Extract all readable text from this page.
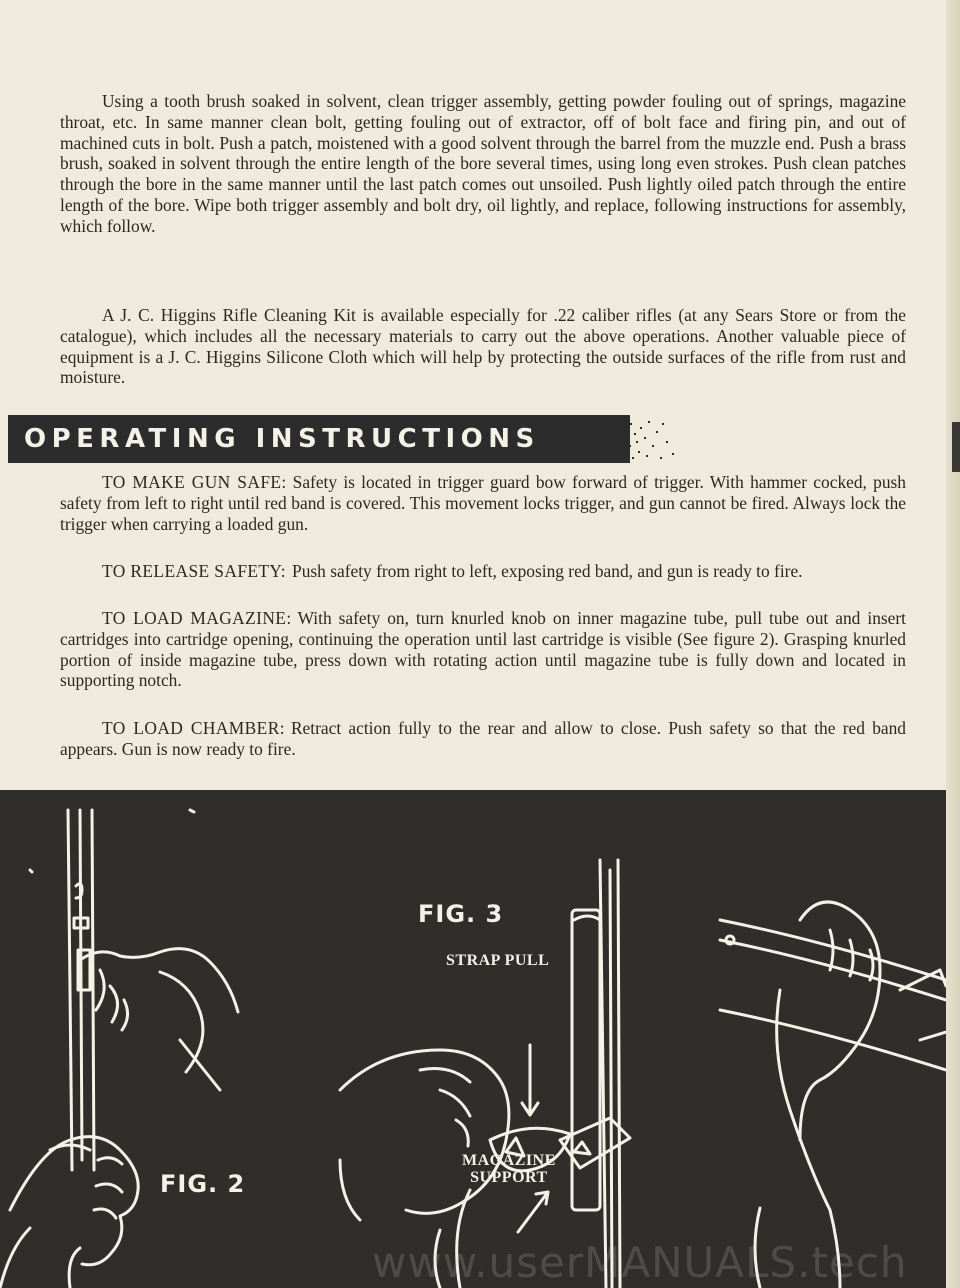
Using a tooth brush soaked in solvent, clean trigger assembly, getting powder fouling out of springs, magazine throat, etc. In same manner clean bolt, getting fouling out of extractor, off of bolt face and firing pin, and out of machined cuts in bolt. Push a patch, moistened with a good solvent through the barrel from the muzzle end. Push a brass brush, soaked in solvent through the entire length of the bore several times, using long even strokes. Push clean patches through the bore in the same manner until the last patch comes out unsoiled. Push lightly oiled patch through the entire length of the bore. Wipe both trigger assembly and bolt dry, oil lightly, and replace, following instructions for assembly, which follow.

A J. C. Higgins Rifle Cleaning Kit is available especially for .22 caliber rifles (at any Sears Store or from the catalogue), which includes all the necessary materials to carry out the above operations. Another valuable piece of equipment is a J. C. Higgins Silicone Cloth which will help by protecting the outside surfaces of the rifle from rust and moisture.

OPERATING INSTRUCTIONS

TO MAKE GUN SAFE: Safety is located in trigger guard bow forward of trigger. With hammer cocked, push safety from left to right until red band is covered. This movement locks trigger, and gun cannot be fired. Always lock the trigger when carrying a loaded gun.

TO RELEASE SAFETY: Push safety from right to left, exposing red band, and gun is ready to fire.

TO LOAD MAGAZINE: With safety on, turn knurled knob on inner magazine tube, pull tube out and insert cartridges into cartridge opening, continuing the operation until last cartridge is visible (See figure 2). Grasping knurled portion of inside magazine tube, press down with rotating action until magazine tube is fully down and located in supporting notch.

TO LOAD CHAMBER: Retract action fully to the rear and allow to close. Push safety so that the red band appears. Gun is now ready to fire.

FIG. 3
FIG. 2
STRAP PULL
MAGAZINE
SUPPORT
www.userMANUALS.tech
